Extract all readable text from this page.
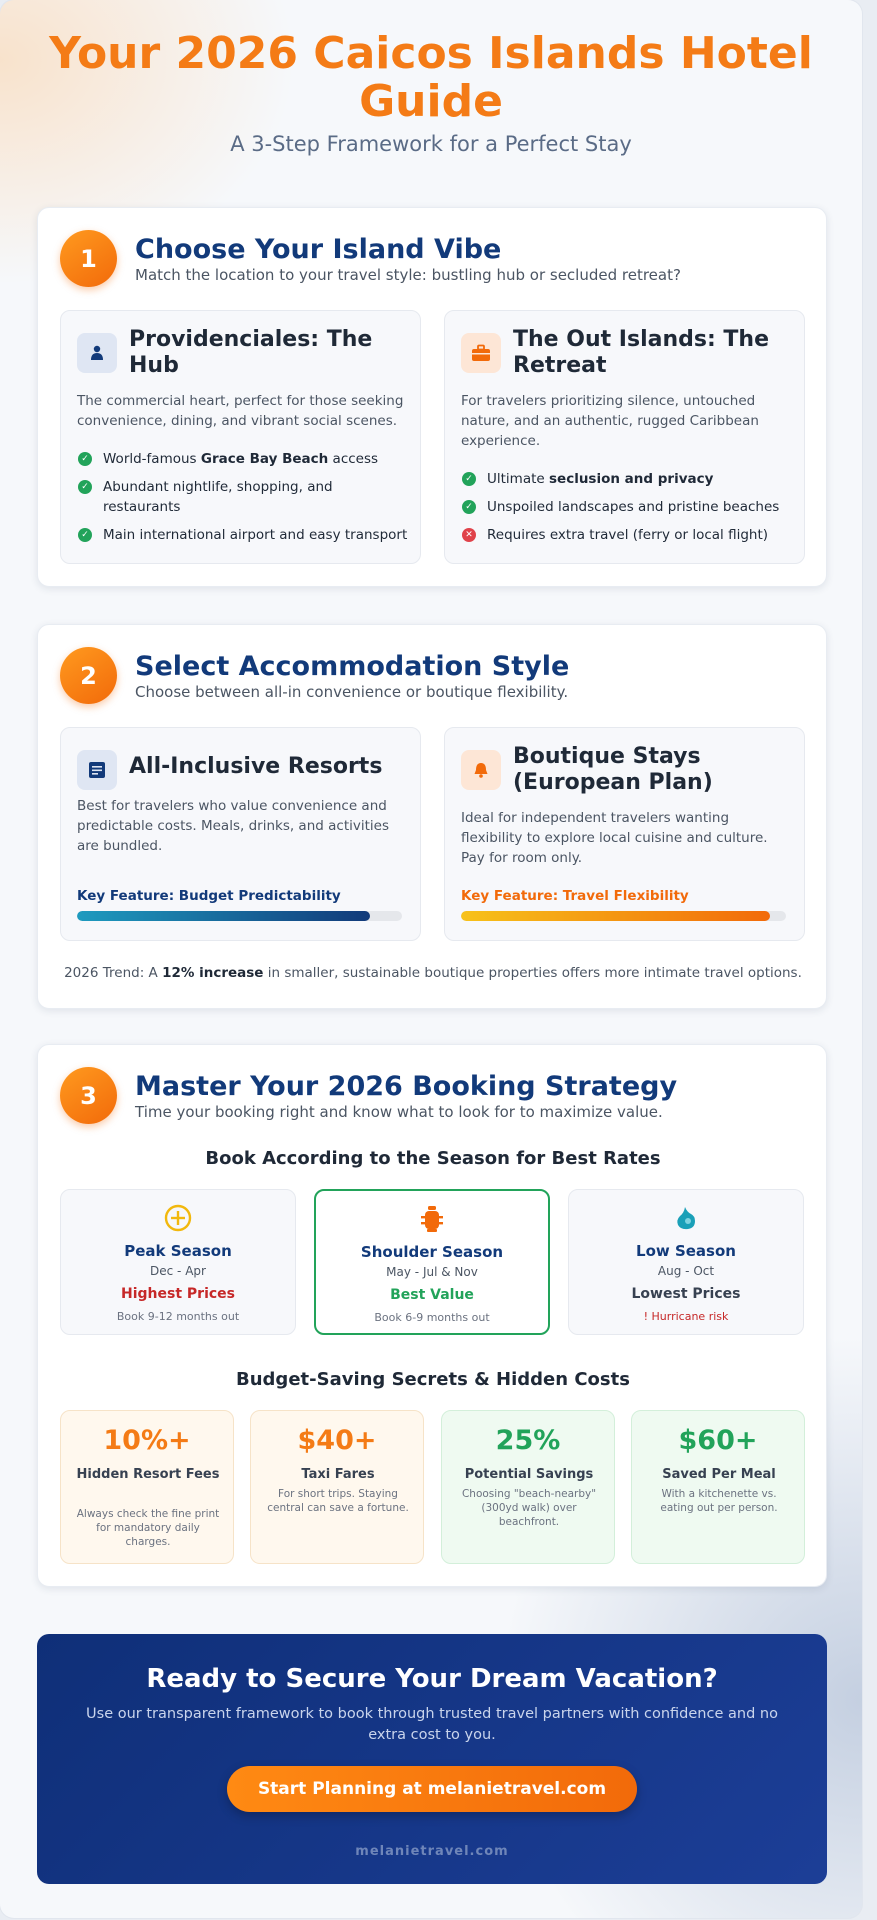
Your 2026 Caicos Islands Hotel Guide
A 3-Step Framework for a Perfect Stay
1	Choose Your Island Vibe
Match the location to your travel style: bustling hub or secluded retreat?
Providenciales: The Hub
The commercial heart, perfect for those seeking convenience, dining, and vibrant social scenes.
✓ World-famous Grace Bay Beach access
✓ Abundant nightlife, shopping, and restaurants
✓ Main international airport and easy transport
The Out Islands: The Retreat
For travelers prioritizing silence, untouched nature, and an authentic, rugged Caribbean experience.
✓ Ultimate seclusion and privacy
✓ Unspoiled landscapes and pristine beaches
✕ Requires extra travel (ferry or local flight)
2	Select Accommodation Style
Choose between all-in convenience or boutique flexibility.
All-Inclusive Resorts
Best for travelers who value convenience and predictable costs. Meals, drinks, and activities are bundled.
Key Feature: Budget Predictability
Boutique Stays (European Plan)
Ideal for independent travelers wanting flexibility to explore local cuisine and culture. Pay for room only.
Key Feature: Travel Flexibility
2026 Trend: A 12% increase in smaller, sustainable boutique properties offers more intimate travel options.
3	Master Your 2026 Booking Strategy
Time your booking right and know what to look for to maximize value.
Book According to the Season for Best Rates
Peak Season
Dec - Apr
Highest Prices
Book 9-12 months out
Shoulder Season
May - Jul & Nov
Best Value
Book 6-9 months out
Low Season
Aug - Oct
Lowest Prices
! Hurricane risk
Budget-Saving Secrets & Hidden Costs
10%+
Hidden Resort Fees
Always check the fine print for mandatory daily charges.
$40+
Taxi Fares
For short trips. Staying central can save a fortune.
25%
Potential Savings
Choosing "beach-nearby" (300yd walk) over beachfront.
$60+
Saved Per Meal
With a kitchenette vs. eating out per person.
Ready to Secure Your Dream Vacation?
Use our transparent framework to book through trusted travel partners with confidence and no extra cost to you.
Start Planning at melanietravel.com
melanietravel.com
